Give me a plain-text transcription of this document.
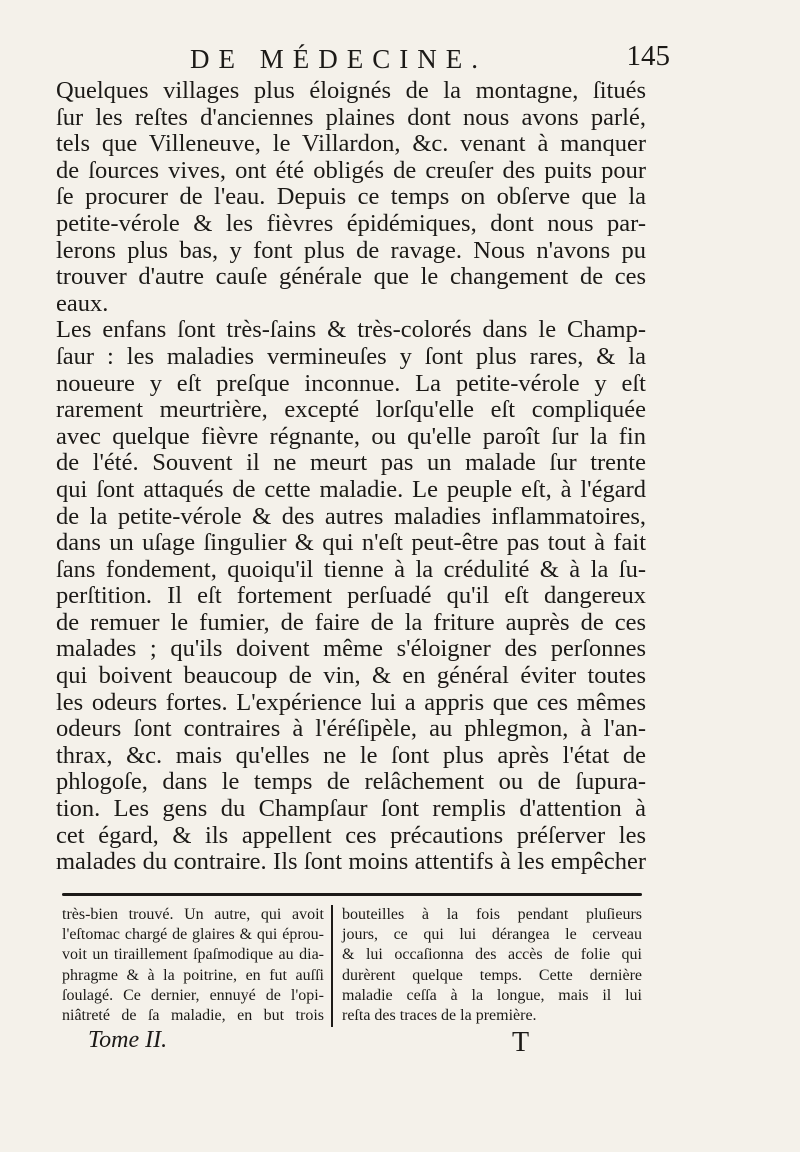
DE MÉDECINE.	145
Quelques villages plus éloignés de la montagne, ſitués
ſur les reſtes d'anciennes plaines dont nous avons parlé,
tels que Villeneuve, le Villardon, &c. venant à manquer
de ſources vives, ont été obligés de creuſer des puits pour
ſe procurer de l'eau. Depuis ce temps on obſerve que la
petite-vérole & les fièvres épidémiques, dont nous par-
lerons plus bas, y font plus de ravage. Nous n'avons pu
trouver d'autre cauſe générale que le changement de ces
eaux.
Les enfans ſont très-ſains & très-colorés dans le Champ-
ſaur : les maladies vermineuſes y ſont plus rares, & la
noueure y eſt preſque inconnue. La petite-vérole y eſt
rarement meurtrière, excepté lorſqu'elle eſt compliquée
avec quelque fièvre régnante, ou qu'elle paroît ſur la fin
de l'été. Souvent il ne meurt pas un malade ſur trente
qui ſont attaqués de cette maladie. Le peuple eſt, à l'égard
de la petite-vérole & des autres maladies inflammatoires,
dans un uſage ſingulier & qui n'eſt peut-être pas tout à fait
ſans fondement, quoiqu'il tienne à la crédulité & à la ſu-
perſtition. Il eſt fortement perſuadé qu'il eſt dangereux
de remuer le fumier, de faire de la friture auprès de ces
malades ; qu'ils doivent même s'éloigner des perſonnes
qui boivent beaucoup de vin, & en général éviter toutes
les odeurs fortes. L'expérience lui a appris que ces mêmes
odeurs ſont contraires à l'éréſipèle, au phlegmon, à l'an-
thrax, &c. mais qu'elles ne le ſont plus après l'état de
phlogoſe, dans le temps de relâchement ou de ſupura-
tion. Les gens du Champſaur ſont remplis d'attention à
cet égard, & ils appellent ces précautions préſerver les
malades du contraire. Ils ſont moins attentifs à les empêcher
très-bien trouvé. Un autre, qui avoit
l'eſtomac chargé de glaires & qui éprou-
voit un tiraillement ſpaſmodique au dia-
phragme & à la poitrine, en fut auſſi
ſoulagé. Ce dernier, ennuyé de l'opi-
niâtreté de ſa maladie, en but trois
bouteilles à la fois pendant pluſieurs
jours, ce qui lui dérangea le cerveau
& lui occaſionna des accès de folie qui
durèrent quelque temps. Cette dernière
maladie ceſſa à la longue, mais il lui
reſta des traces de la première.
Tome II.	T
